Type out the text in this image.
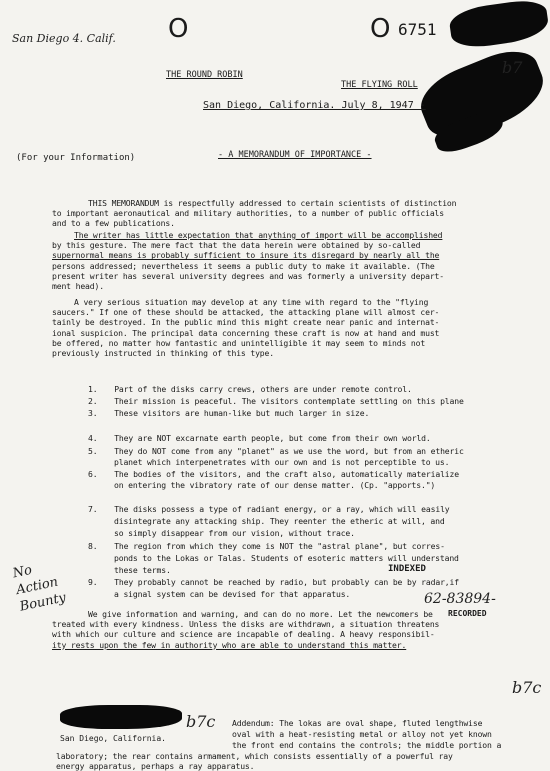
San Diego 4. Calif. O	O 6751
b7
THE ROUND ROBIN
THE FLYING ROLL
San Diego, California. July 8, 1947 -
(For your Information)	- A MEMORANDUM OF IMPORTANCE -
THIS MEMORANDUM is respectfully addressed to certain scientists of distinction
to important aeronautical and military authorities, to a number of public officials
and to a few publications.
The writer has little expectation that anything of import will be accomplished
by this gesture. The mere fact that the data herein were obtained by so-called
supernormal means is probably sufficient to insure its disregard by nearly all the
persons addressed; nevertheless it seems a public duty to make it available. (The
present writer has several university degrees and was formerly a university depart-
ment head).
A very serious situation may develop at any time with regard to the "flying
saucers." If one of these should be attacked, the attacking plane will almost cer-
tainly be destroyed. In the public mind this might create near panic and internat-
ional suspicion. The principal data concerning these craft is now at hand and must
be offered, no matter how fantastic and unintelligible it may seem to minds not
previously instructed in thinking of this type.
1. Part of the disks carry crews, others are under remote control.
2. Their mission is peaceful. The visitors contemplate settling on this plane
3. These visitors are human-like but much larger in size.
4. They are NOT excarnate earth people, but come from their own world.
5. They do NOT come from any "planet" as we use the word, but from an etheric
planet which interpenetrates with our own and is not perceptible to us.
6. The bodies of the visitors, and the craft also, automatically materialize
on entering the vibratory rate of our dense matter. (Cp. "apports.")
7. The disks possess a type of radiant energy, or a ray, which will easily
disintegrate any attacking ship. They reenter the etheric at will, and
so simply disappear from our vision, without trace.
8. The region from which they come is NOT the "astral plane", but corres-
ponds to the Lokas or Talas. Students of esoteric matters will understand
these terms.
9. They probably cannot be reached by radio, but probably can be by radar,if
a signal system can be devised for that apparatus.
INDEXED
RECORDED
62-83894-
No Action Bounty	We give information and warning, and can do no more. Let the newcomers be
treated with every kindness. Unless the disks are withdrawn, a situation threatens
with which our culture and science are incapable of dealing. A heavy responsibil-
ity rests upon the few in authority who are able to understand this matter.
b7c
b7c
San Diego, California.
Addendum: The lokas are oval shape, fluted lengthwise
oval with a heat-resisting metal or alloy not yet known
the front end contains the controls; the middle portion a
laboratory; the rear contains armament, which consists essentially of a powerful ray
energy apparatus, perhaps a ray apparatus.
